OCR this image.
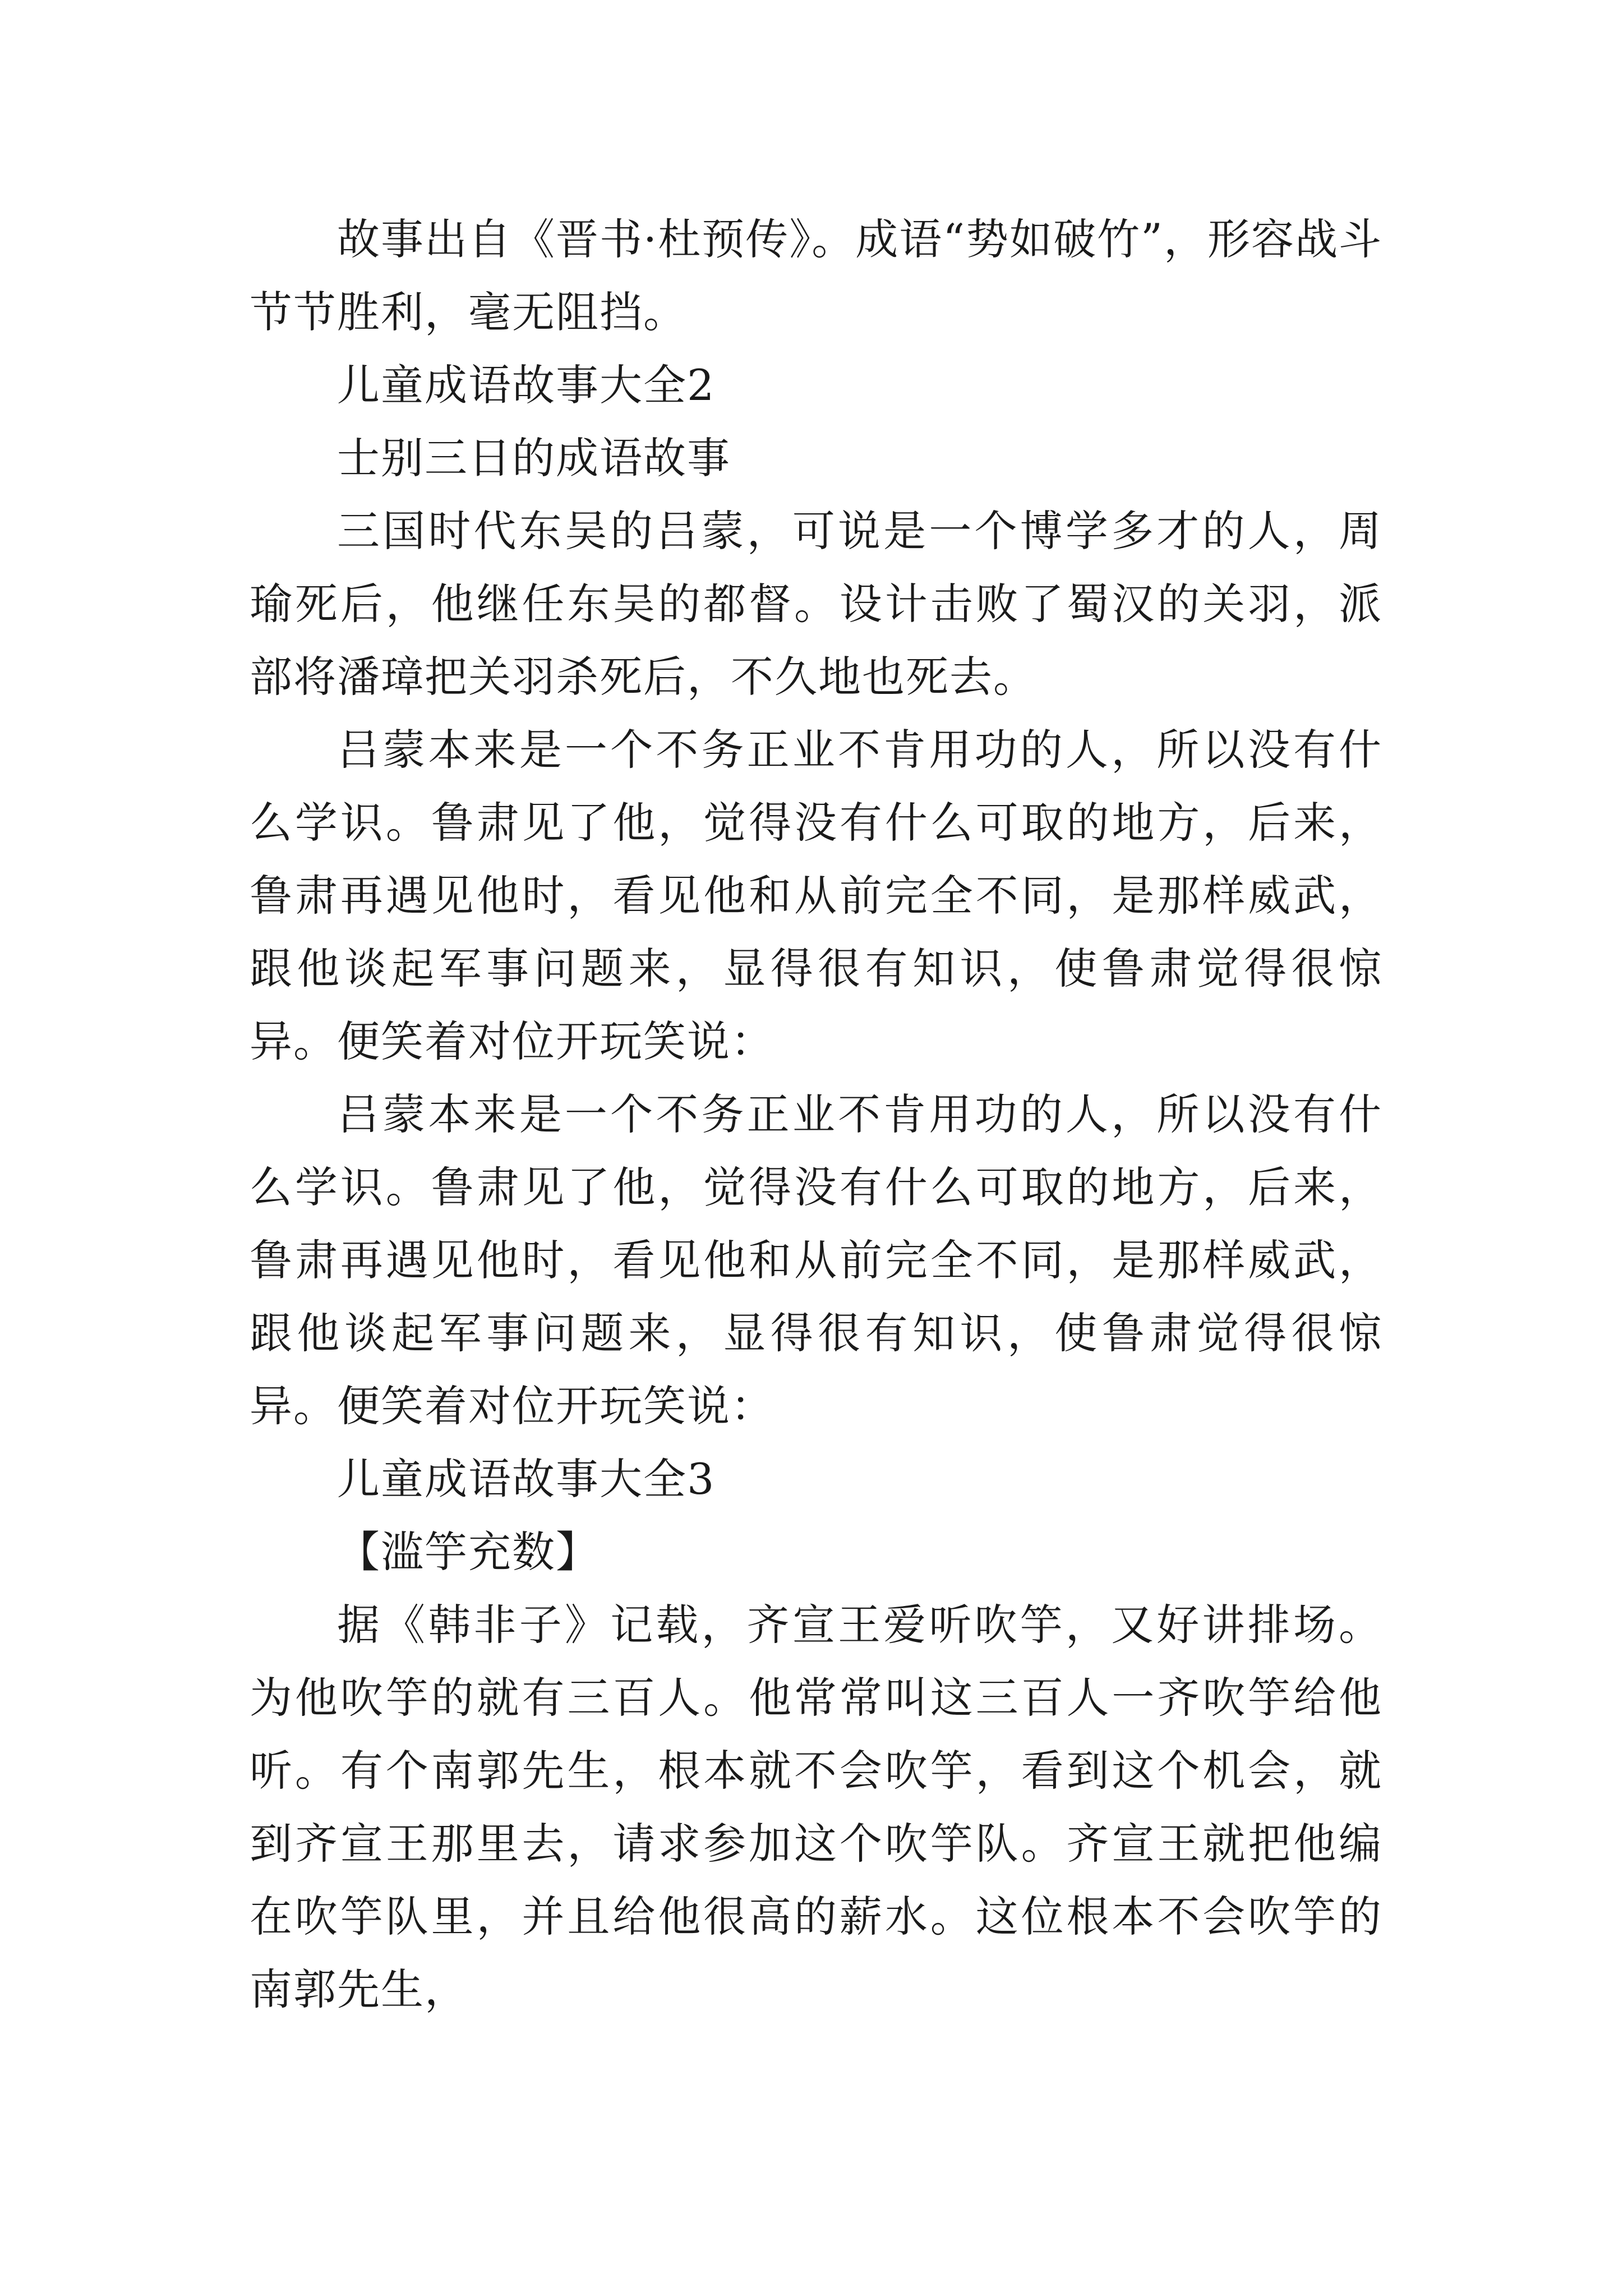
故事出自《晋书·杜预传》。成语“势如破竹”，形容战斗节节胜利，毫无阻挡。

儿童成语故事大全2

士别三日的成语故事

三国时代东吴的吕蒙，可说是一个博学多才的人，周瑜死后，他继任东吴的都督。设计击败了蜀汉的关羽，派部将潘璋把关羽杀死后，不久地也死去。

吕蒙本来是一个不务正业不肯用功的人，所以没有什么学识。鲁肃见了他，觉得没有什么可取的地方，后来，鲁肃再遇见他时，看见他和从前完全不同，是那样威武，跟他谈起军事问题来，显得很有知识，使鲁肃觉得很惊异。便笑着对位开玩笑说：

吕蒙本来是一个不务正业不肯用功的人，所以没有什么学识。鲁肃见了他，觉得没有什么可取的地方，后来，鲁肃再遇见他时，看见他和从前完全不同，是那样威武，跟他谈起军事问题来，显得很有知识，使鲁肃觉得很惊异。便笑着对位开玩笑说：

儿童成语故事大全3

【滥竽充数】

据《韩非子》记载，齐宣王爱听吹竽，又好讲排场。为他吹竽的就有三百人。他常常叫这三百人一齐吹竽给他听。有个南郭先生，根本就不会吹竽，看到这个机会，就到齐宣王那里去，请求参加这个吹竽队。齐宣王就把他编在吹竽队里，并且给他很高的薪水。这位根本不会吹竽的南郭先生，
